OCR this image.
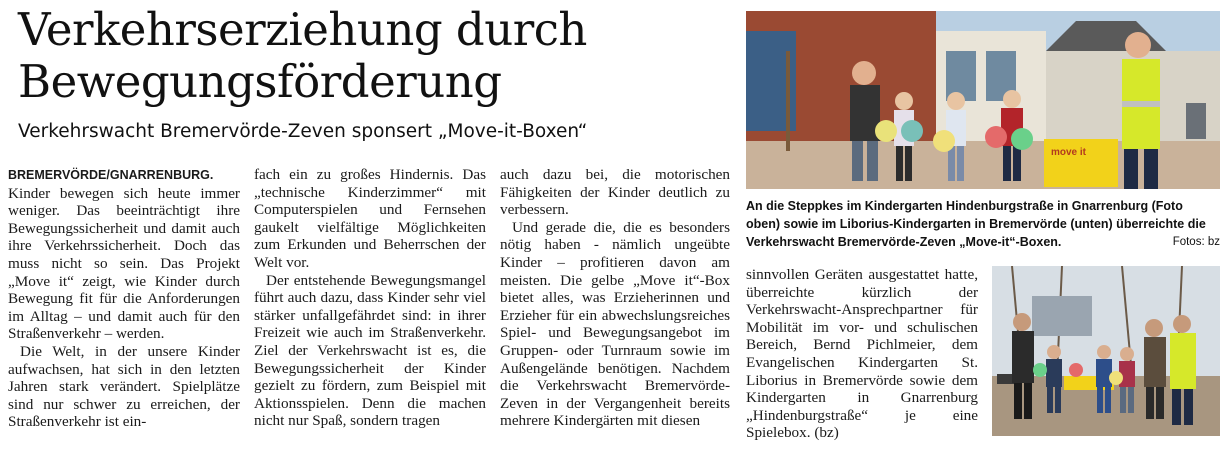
Verkehrserziehung durch
Bewegungsförderung
Verkehrswacht Bremervörde-Zeven sponsert „Move-it-Boxen“

BREMERVÖRDE/GNARRENBURG.
Kinder bewegen sich heute immer weniger. Das beeinträchtigt ihre Bewegungssicherheit und damit auch ihre Verkehrssicherheit. Doch das muss nicht so sein. Das Projekt „Move it“ zeigt, wie Kinder durch Bewegung fit für die Anforderungen im Alltag – und damit auch für den Straßenverkehr – werden.

Die Welt, in der unsere Kinder aufwachsen, hat sich in den letzten Jahren stark verändert. Spielplätze sind nur schwer zu erreichen, der Straßenverkehr ist ein-

fach ein zu großes Hindernis. Das „technische Kinderzimmer“ mit Computerspielen und Fernsehen gaukelt vielfältige Möglichkeiten zum Erkunden und Beherrschen der Welt vor.

Der entstehende Bewegungsmangel führt auch dazu, dass Kinder sehr viel stärker unfallgefährdet sind: in ihrer Freizeit wie auch im Straßenverkehr. Ziel der Verkehrswacht ist es, die Bewegungssicherheit der Kinder gezielt zu fördern, zum Beispiel mit Aktionsspielen. Denn die machen nicht nur Spaß, sondern tragen

auch dazu bei, die motorischen Fähigkeiten der Kinder deutlich zu verbessern.

Und gerade die, die es besonders nötig haben - nämlich ungeübte Kinder – profitieren davon am meisten. Die gelbe „Move it“-Box bietet alles, was Erzieherinnen und Erzieher für ein abwechslungsreiches Spiel- und Bewegungsangebot im Gruppen- oder Turnraum sowie im Außengelände benötigen. Nachdem die Verkehrswacht Bremervörde-Zeven in der Vergangenheit bereits mehrere Kindergärten mit diesen

sinnvollen Geräten ausgestattet hatte, überreichte kürzlich der Verkehrswacht-Ansprechpartner für Mobilität im vor- und schulischen Bereich, Bernd Pichlmeier, dem Evangelischen Kindergarten St. Liborius in Bremervörde sowie dem Kindergarten in Gnarrenburg „Hindenburgstraße“ je eine Spielebox. (bz)

move it
An die Steppkes im Kindergarten Hindenburgstraße in Gnarrenburg (Foto oben) sowie im Liborius-Kindergarten in Bremervörde (unten) überreichte die Verkehrswacht Bremervörde-Zeven „Move-it“-Boxen.	Fotos: bz
